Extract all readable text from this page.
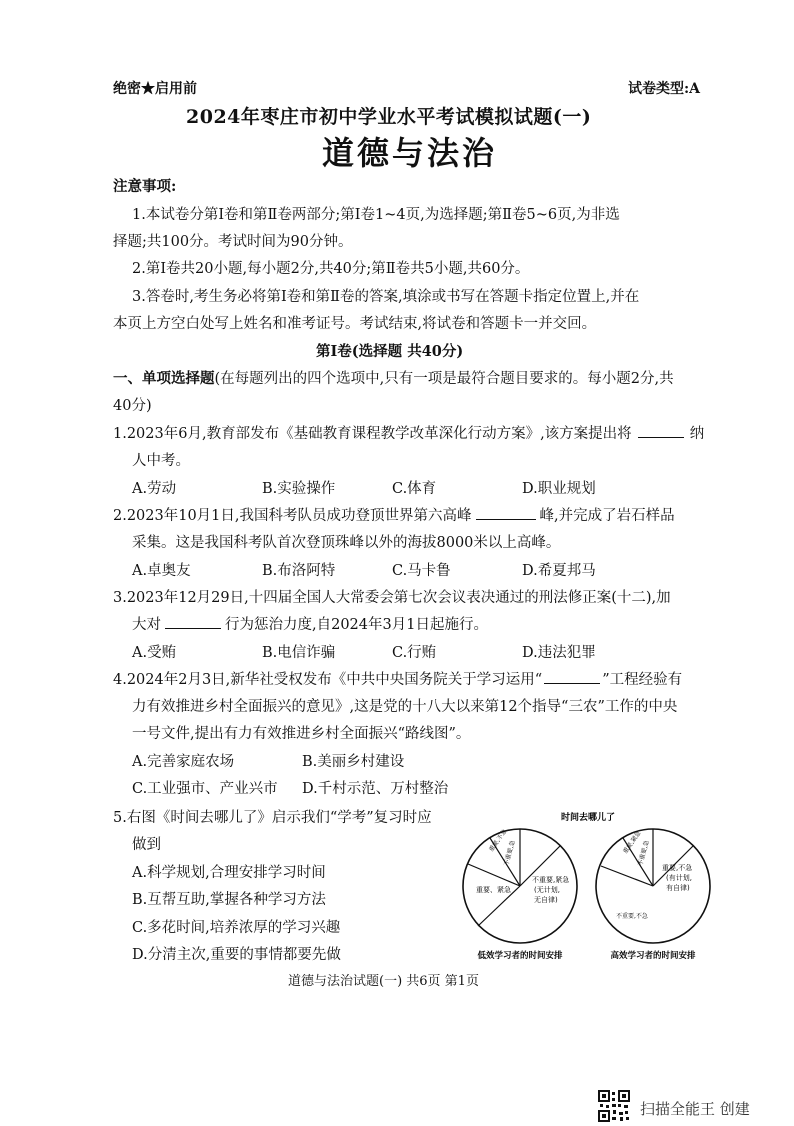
绝密★启用前	试卷类型:A
2024年枣庄市初中学业水平考试模拟试题(一)
道德与法治
注意事项:
1.本试卷分第Ⅰ卷和第Ⅱ卷两部分;第Ⅰ卷1~4页,为选择题;第Ⅱ卷5~6页,为非选
择题;共100分。考试时间为90分钟。
2.第Ⅰ卷共20小题,每小题2分,共40分;第Ⅱ卷共5小题,共60分。
3.答卷时,考生务必将第Ⅰ卷和第Ⅱ卷的答案,填涂或书写在答题卡指定位置上,并在
本页上方空白处写上姓名和准考证号。考试结束,将试卷和答题卡一并交回。
第Ⅰ卷(选择题 共40分)
一、单项选择题(在每题列出的四个选项中,只有一项是最符合题目要求的。每小题2分,共
40分)
1.2023年6月,教育部发布《基础教育课程教学改革深化行动方案》,该方案提出将	纳
人中考。
A.劳动	B.实验操作	C.体育	D.职业规划
2.2023年10月1日,我国科考队员成功登顶世界第六高峰	峰,并完成了岩石样品
采集。这是我国科考队首次登顶珠峰以外的海拔8000米以上高峰。
A.卓奥友	B.布洛阿特	C.马卡鲁	D.希夏邦马
3.2023年12月29日,十四届全国人大常委会第七次会议表决通过的刑法修正案(十二),加
大对	行为惩治力度,自2024年3月1日起施行。
A.受贿	B.电信诈骗	C.行贿	D.违法犯罪
4.2024年2月3日,新华社受权发布《中共中央国务院关于学习运用“	”工程经验有
力有效推进乡村全面振兴的意见》,这是党的十八大以来第12个指导“三农”工作的中央
一号文件,提出有力有效推进乡村全面振兴“路线图”。
A.完善家庭农场	B.美丽乡村建设
C.工业强市、产业兴市 D.千村示范、万村整治
5.右图《时间去哪儿了》启示我们“学考”复习时应
做到
A.科学规划,合理安排学习时间
B.互帮互助,掌握各种学习方法
C.多花时间,培养浓厚的学习兴趣
D.分清主次,重要的事情都要先做
时间去哪儿了
重要,不急
不重要,急
不重要,紧急
(无计划,
无自律)
重要、紧急
低效学习者的时间安排
重要,紧急
不重要,急
重要,不急
(有计划,
有自律)
不重要,不急
高效学习者的时间安排
道德与法治试题(一) 共6页 第1页
扫描全能王 创建
